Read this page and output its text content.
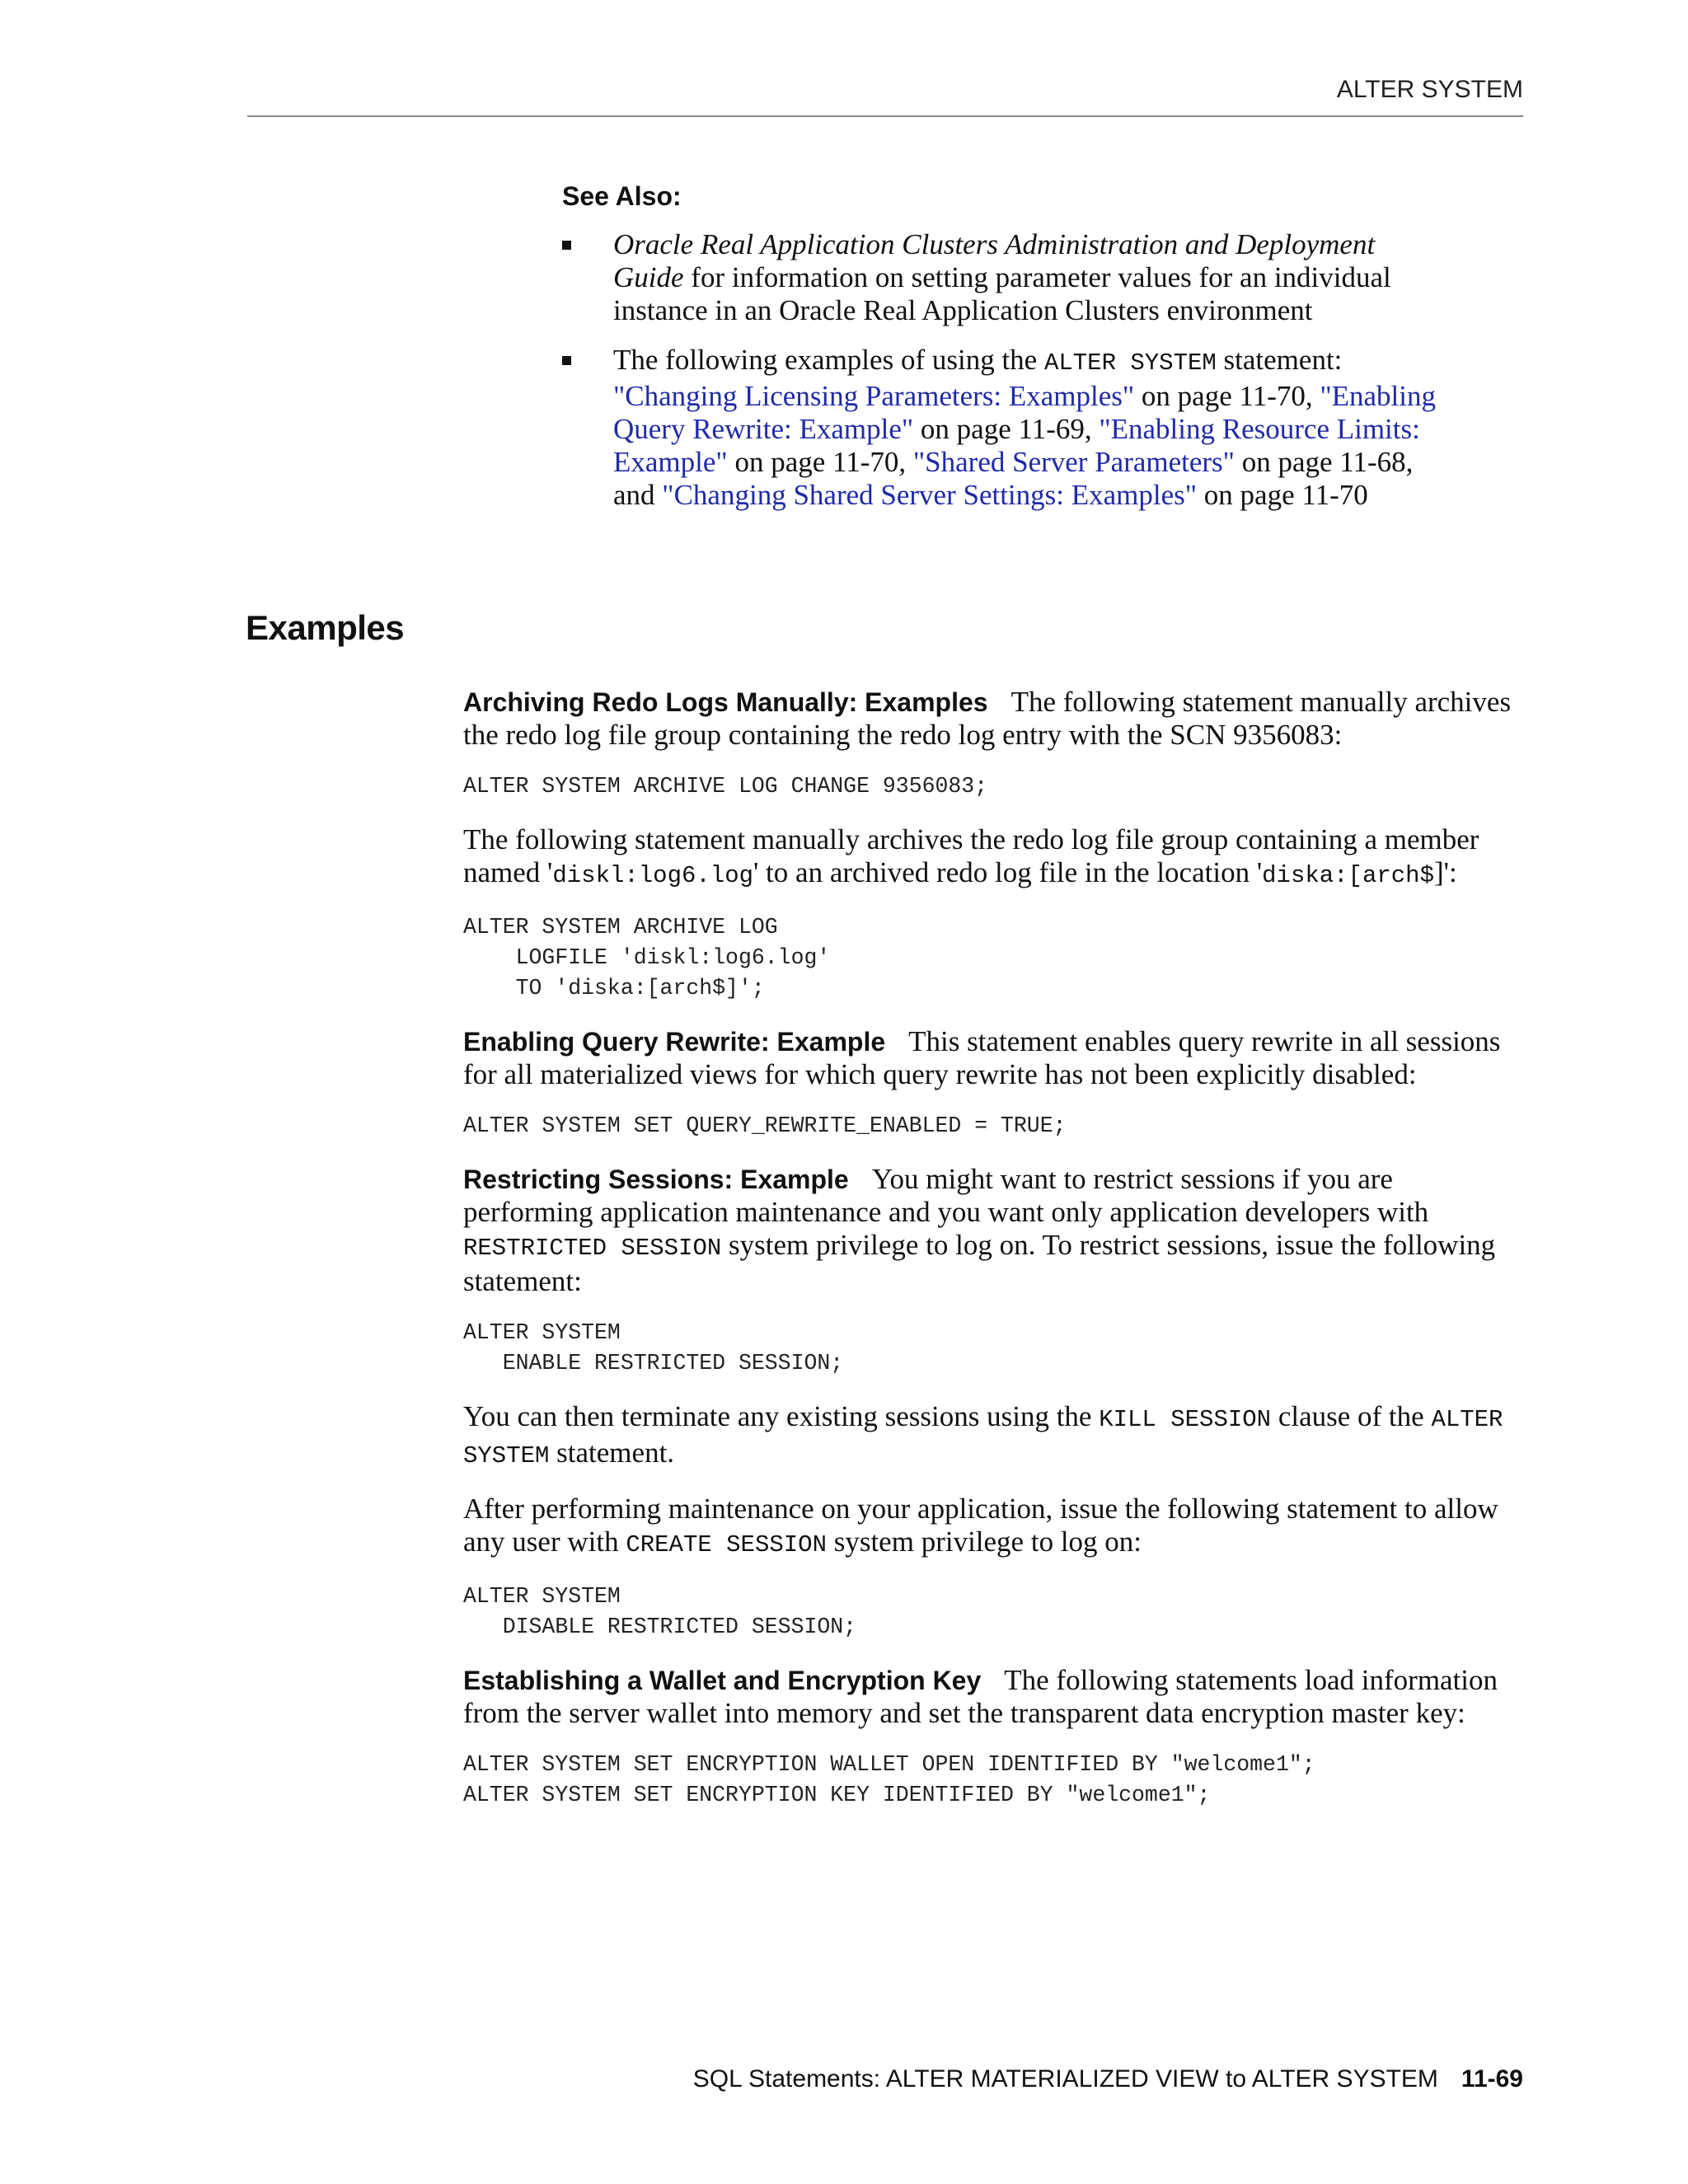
ALTER SYSTEM
See Also:
Oracle Real Application Clusters Administration and Deployment Guide for information on setting parameter values for an individual instance in an Oracle Real Application Clusters environment
The following examples of using the ALTER SYSTEM statement: "Changing Licensing Parameters: Examples" on page 11-70, "Enabling Query Rewrite: Example" on page 11-69, "Enabling Resource Limits: Example" on page 11-70, "Shared Server Parameters" on page 11-68, and "Changing Shared Server Settings: Examples" on page 11-70
Examples

Archiving Redo Logs Manually: Examples The following statement manually archives the redo log file group containing the redo log entry with the SCN 9356083:

ALTER SYSTEM ARCHIVE LOG CHANGE 9356083;

The following statement manually archives the redo log file group containing a member named 'diskl:log6.log' to an archived redo log file in the location 'diska:[arch$]':

ALTER SYSTEM ARCHIVE LOG
LOGFILE 'diskl:log6.log'
TO 'diska:[arch$]';

Enabling Query Rewrite: Example This statement enables query rewrite in all sessions for all materialized views for which query rewrite has not been explicitly disabled:

ALTER SYSTEM SET QUERY_REWRITE_ENABLED = TRUE;

Restricting Sessions: Example You might want to restrict sessions if you are performing application maintenance and you want only application developers with RESTRICTED SESSION system privilege to log on. To restrict sessions, issue the following statement:

ALTER SYSTEM
ENABLE RESTRICTED SESSION;

You can then terminate any existing sessions using the KILL SESSION clause of the ALTER SYSTEM statement.

After performing maintenance on your application, issue the following statement to allow any user with CREATE SESSION system privilege to log on:

ALTER SYSTEM
DISABLE RESTRICTED SESSION;

Establishing a Wallet and Encryption Key The following statements load information from the server wallet into memory and set the transparent data encryption master key:

ALTER SYSTEM SET ENCRYPTION WALLET OPEN IDENTIFIED BY "welcome1";
ALTER SYSTEM SET ENCRYPTION KEY IDENTIFIED BY "welcome1";
SQL Statements: ALTER MATERIALIZED VIEW to ALTER SYSTEM 11-69
